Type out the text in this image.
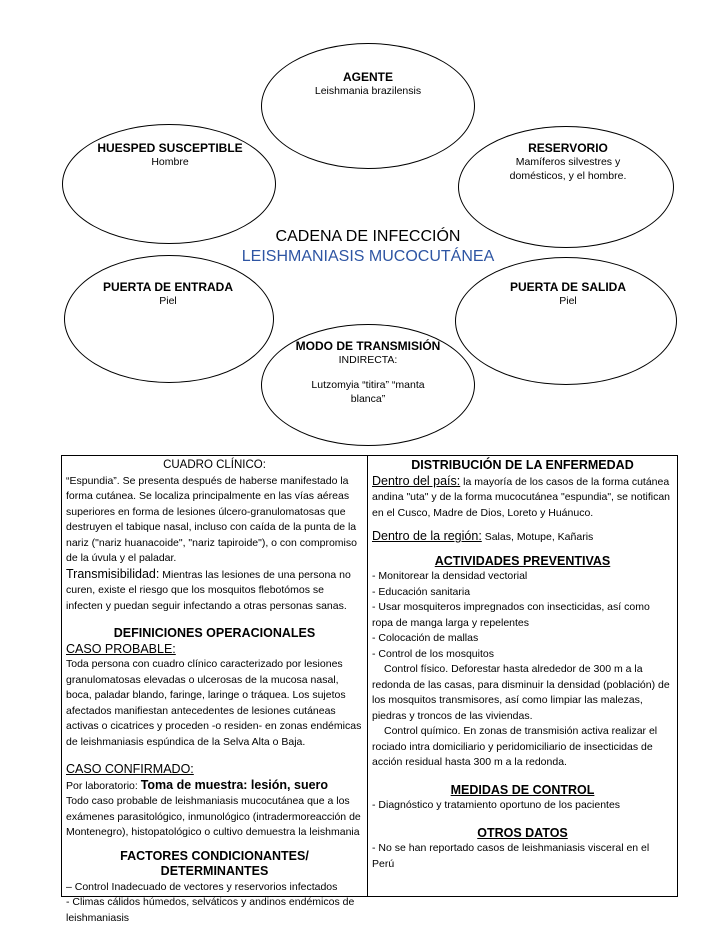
AGENTE
Leishmania brazilensis
HUESPED SUSCEPTIBLE
Hombre
RESERVORIO
Mamíferos silvestres y
domésticos, y el hombre.
CADENA DE INFECCIÓN
LEISHMANIASIS MUCOCUTÁNEA
PUERTA DE ENTRADA
Piel
PUERTA DE SALIDA
Piel
MODO DE TRANSMISIÓN
INDIRECTA:
Lutzomyia “titira” “manta
blanca”

CUADRO CLÍNICO:

“Espundia”. Se presenta después de haberse manifestado la forma cutánea. Se localiza principalmente en las vías aéreas superiores en forma de lesiones úlcero-granulomatosas que destruyen el tabique nasal, incluso con caída de la punta de la nariz ("nariz huanacoide", "nariz tapiroide"), o con compromiso de la úvula y el paladar.

Transmisibilidad: Mientras las lesiones de una persona no curen, existe el riesgo que los mosquitos flebotómos se infecten y puedan seguir infectando a otras personas sanas.

DEFINICIONES OPERACIONALES

CASO PROBABLE:

Toda persona con cuadro clínico caracterizado por lesiones granulomatosas elevadas o ulcerosas de la mucosa nasal, boca, paladar blando, faringe, laringe o tráquea. Los sujetos afectados manifiestan antecedentes de lesiones cutáneas activas o cicatrices y proceden -o residen- en zonas endémicas de leishmaniasis espúndica de la Selva Alta o Baja.

CASO CONFIRMADO:

Por laboratorio: Toma de muestra: lesión, suero

Todo caso probable de leishmaniasis mucocutánea que a los exámenes parasitológico, inmunológico (intradermoreacción de Montenegro), histopatológico o cultivo demuestra la leishmania

FACTORES CONDICIONANTES/ DETERMINANTES

– Control Inadecuado de vectores y reservorios infectados

- Climas cálidos húmedos, selváticos y andinos endémicos de leishmaniasis

DISTRIBUCIÓN DE LA ENFERMEDAD

Dentro del país: la mayoría de los casos de la forma cutánea andina "uta" y de la forma mucocutánea "espundia", se notifican en el Cusco, Madre de Dios, Loreto y Huánuco.

Dentro de la región: Salas, Motupe, Kañaris

ACTIVIDADES PREVENTIVAS

- Monitorear la densidad vectorial

- Educación sanitaria

- Usar mosquiteros impregnados con insecticidas, así como ropa de manga larga y repelentes

- Colocación de mallas

- Control de los mosquitos

Control físico. Deforestar hasta alrededor de 300 m a la redonda de las casas, para disminuir la densidad (población) de los mosquitos transmisores, así como limpiar las malezas, piedras y troncos de las viviendas.

Control químico. En zonas de transmisión activa realizar el rociado intra domiciliario y peridomiciliario de insecticidas de acción residual hasta 300 m a la redonda.

MEDIDAS DE CONTROL

- Diagnóstico y tratamiento oportuno de los pacientes

OTROS DATOS

- No se han reportado casos de leishmaniasis visceral en el Perú
